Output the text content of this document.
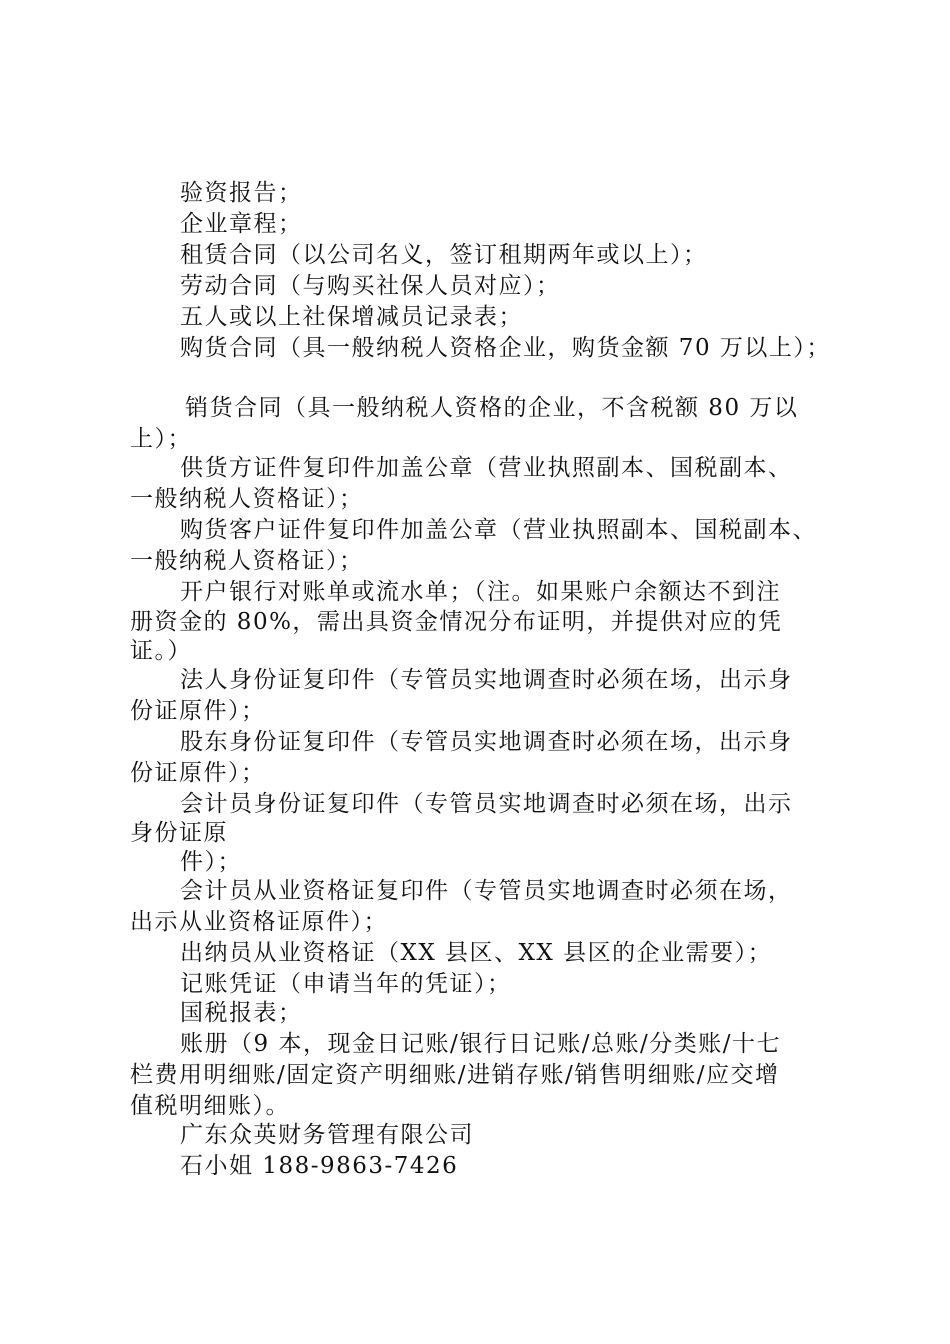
验资报告；
企业章程；
租赁合同（以公司名义，签订租期两年或以上）；
劳动合同（与购买社保人员对应）；
五人或以上社保增减员记录表；
购货合同（具一般纳税人资格企业，购货金额 70 万以上）；
销货合同（具一般纳税人资格的企业，不含税额 80 万以
上）；
供货方证件复印件加盖公章（营业执照副本、国税副本、
一般纳税人资格证）；
购货客户证件复印件加盖公章（营业执照副本、国税副本、
一般纳税人资格证）；
开户银行对账单或流水单；（注。如果账户余额达不到注
册资金的 80%，需出具资金情况分布证明，并提供对应的凭
证。）
法人身份证复印件（专管员实地调查时必须在场，出示身
份证原件）；
股东身份证复印件（专管员实地调查时必须在场，出示身
份证原件）；
会计员身份证复印件（专管员实地调查时必须在场，出示
身份证原
件）；
会计员从业资格证复印件（专管员实地调查时必须在场，
出示从业资格证原件）；
出纳员从业资格证（XX 县区、XX 县区的企业需要）；
记账凭证（申请当年的凭证）；
国税报表；
账册（9 本，现金日记账/银行日记账/总账/分类账/十七
栏费用明细账/固定资产明细账/进销存账/销售明细账/应交增
值税明细账）。
广东众英财务管理有限公司
石小姐 188-9863-7426
